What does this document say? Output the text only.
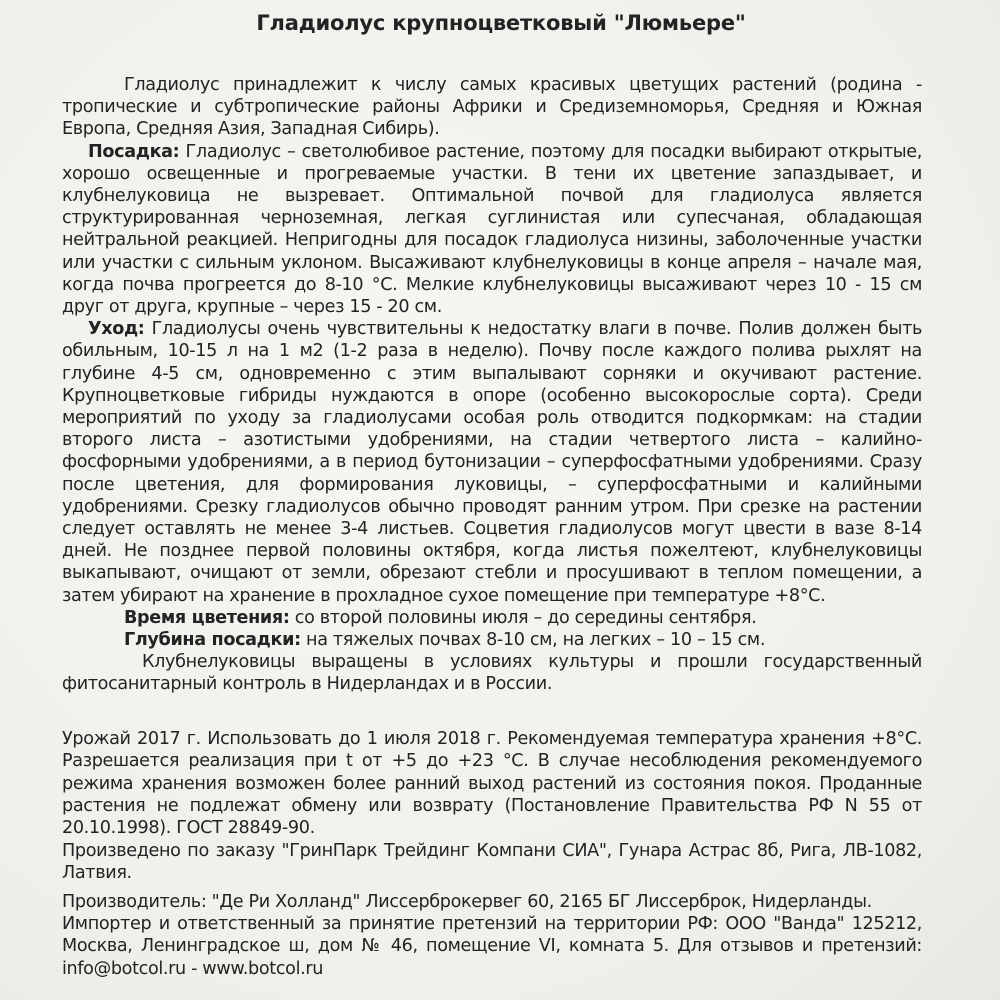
Гладиолус крупноцветковый "Люмьере"

Гладиолус принадлежит к числу самых красивых цветущих растений (родина - тропические и субтропические районы Африки и Средиземноморья, Средняя и Южная Европа, Средняя Азия, Западная Сибирь).

Посадка: Гладиолус – светолюбивое растение, поэтому для посадки выбирают открытые, хорошо освещенные и прогреваемые участки. В тени их цветение запаздывает, и клубнелуковица не вызревает. Оптимальной почвой для гладиолуса является структурированная черноземная, легкая суглинистая или супесчаная, обладающая нейтральной реакцией. Непригодны для посадок гладиолуса низины, заболоченные участки или участки с сильным уклоном. Высаживают клубнелуковицы в конце апреля – начале мая, когда почва прогреется до 8-10 °С. Мелкие клубнелуковицы высаживают через 10 - 15 см друг от друга, крупные – через 15 - 20 см.

Уход: Гладиолусы очень чувствительны к недостатку влаги в почве. Полив должен быть обильным, 10-15 л на 1 м2 (1-2 раза в неделю). Почву после каждого полива рыхлят на глубине 4-5 см, одновременно с этим выпалывают сорняки и окучивают растение. Крупноцветковые гибриды нуждаются в опоре (особенно высокорослые сорта). Среди мероприятий по уходу за гладиолусами особая роль отводится подкормкам: на стадии второго листа – азотистыми удобрениями, на стадии четвертого листа – калийно-фосфорными удобрениями, а в период бутонизации – суперфосфатными удобрениями. Сразу после цветения, для формирования луковицы, – суперфосфатными и калийными удобрениями. Срезку гладиолусов обычно проводят ранним утром. При срезке на растении следует оставлять не менее 3-4 листьев. Соцветия гладиолусов могут цвести в вазе 8-14 дней. Не позднее первой половины октября, когда листья пожелтеют, клубнелуковицы выкапывают, очищают от земли, обрезают стебли и просушивают в теплом помещении, а затем убирают на хранение в прохладное сухое помещение при температуре +8°С.

Время цветения: со второй половины июля – до середины сентября.

Глубина посадки: на тяжелых почвах 8-10 см, на легких – 10 – 15 см.

Клубнелуковицы выращены в условиях культуры и прошли государственный фитосанитарный контроль в Нидерландах и в России.

Урожай 2017 г. Использовать до 1 июля 2018 г. Рекомендуемая температура хранения +8°С. Разрешается реализация при t от +5 до +23 °С. В случае несоблюдения рекомендуемого режима хранения возможен более ранний выход растений из состояния покоя. Проданные растения не подлежат обмену или возврату (Постановление Правительства РФ N 55 от 20.10.1998). ГОСТ 28849-90.

Произведено по заказу "ГринПарк Трейдинг Компани СИА", Гунара Астрас 8б, Рига, ЛВ-1082, Латвия.

Производитель: "Де Ри Холланд" Лиссерброкервег 60, 2165 БГ Лиссерброк, Нидерланды.

Импортер и ответственный за принятие претензий на территории РФ: ООО "Ванда" 125212, Москва, Ленинградское ш, дом № 46, помещение VI, комната 5. Для отзывов и претензий: info@botcol.ru - www.botcol.ru
